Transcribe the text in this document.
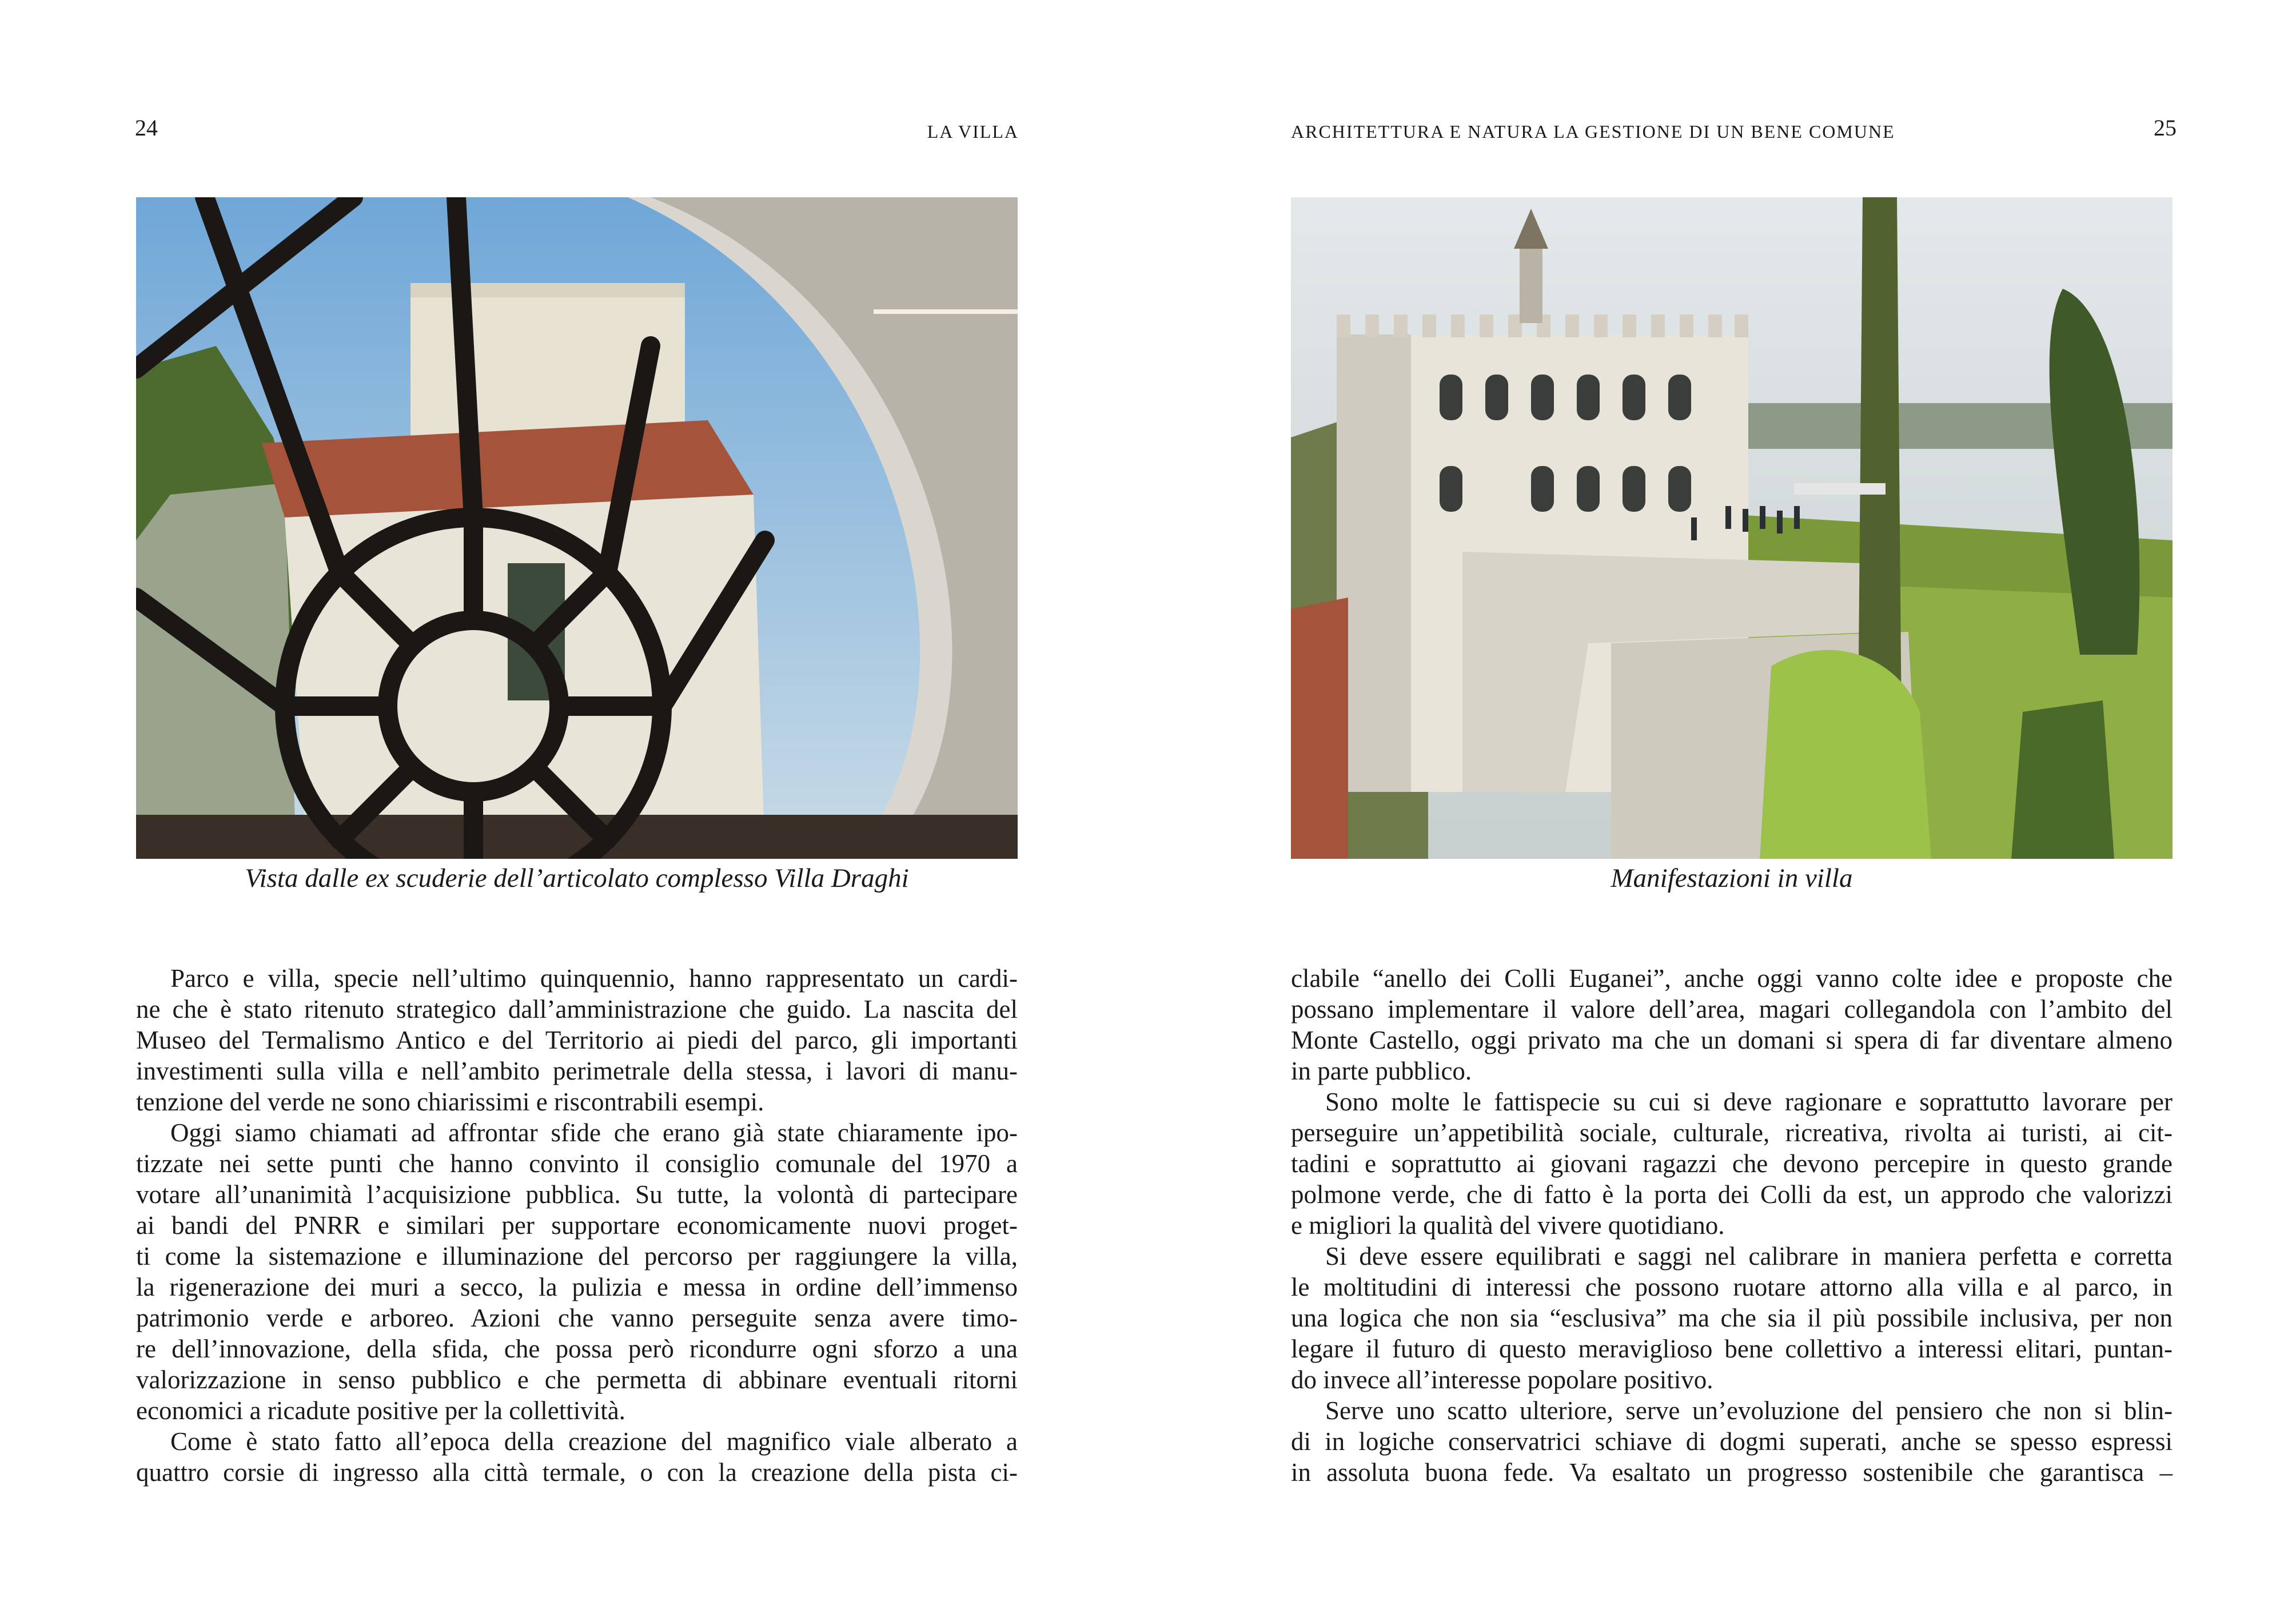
24	LA VILLA
Vista dalle ex scuderie dell’articolato complesso Villa Draghi

Parco e villa, specie nell’ultimo quinquennio, hanno rappresentato un cardi-

ne che è stato ritenuto strategico dall’amministrazione che guido. La nascita del

Museo del Termalismo Antico e del Territorio ai piedi del parco, gli importanti

investimenti sulla villa e nell’ambito perimetrale della stessa, i lavori di manu-

tenzione del verde ne sono chiarissimi e riscontrabili esempi.

Oggi siamo chiamati ad affrontar sfide che erano già state chiaramente ipo-

tizzate nei sette punti che hanno convinto il consiglio comunale del 1970 a

votare all’unanimità l’acquisizione pubblica. Su tutte, la volontà di partecipare

ai bandi del PNRR e similari per supportare economicamente nuovi proget-

ti come la sistemazione e illuminazione del percorso per raggiungere la villa,

la rigenerazione dei muri a secco, la pulizia e messa in ordine dell’immenso

patrimonio verde e arboreo. Azioni che vanno perseguite senza avere timo-

re dell’innovazione, della sfida, che possa però ricondurre ogni sforzo a una

valorizzazione in senso pubblico e che permetta di abbinare eventuali ritorni

economici a ricadute positive per la collettività.

Come è stato fatto all’epoca della creazione del magnifico viale alberato a

quattro corsie di ingresso alla città termale, o con la creazione della pista ci-

ARCHITETTURA E NATURA LA GESTIONE DI UN BENE COMUNE	25
Manifestazioni in villa

clabile “anello dei Colli Euganei”, anche oggi vanno colte idee e proposte che

possano implementare il valore dell’area, magari collegandola con l’ambito del

Monte Castello, oggi privato ma che un domani si spera di far diventare almeno

in parte pubblico.

Sono molte le fattispecie su cui si deve ragionare e soprattutto lavorare per

perseguire un’appetibilità sociale, culturale, ricreativa, rivolta ai turisti, ai cit-

tadini e soprattutto ai giovani ragazzi che devono percepire in questo grande

polmone verde, che di fatto è la porta dei Colli da est, un approdo che valorizzi

e migliori la qualità del vivere quotidiano.

Si deve essere equilibrati e saggi nel calibrare in maniera perfetta e corretta

le moltitudini di interessi che possono ruotare attorno alla villa e al parco, in

una logica che non sia “esclusiva” ma che sia il più possibile inclusiva, per non

legare il futuro di questo meraviglioso bene collettivo a interessi elitari, puntan-

do invece all’interesse popolare positivo.

Serve uno scatto ulteriore, serve un’evoluzione del pensiero che non si blin-

di in logiche conservatrici schiave di dogmi superati, anche se spesso espressi

in assoluta buona fede. Va esaltato un progresso sostenibile che garantisca –
